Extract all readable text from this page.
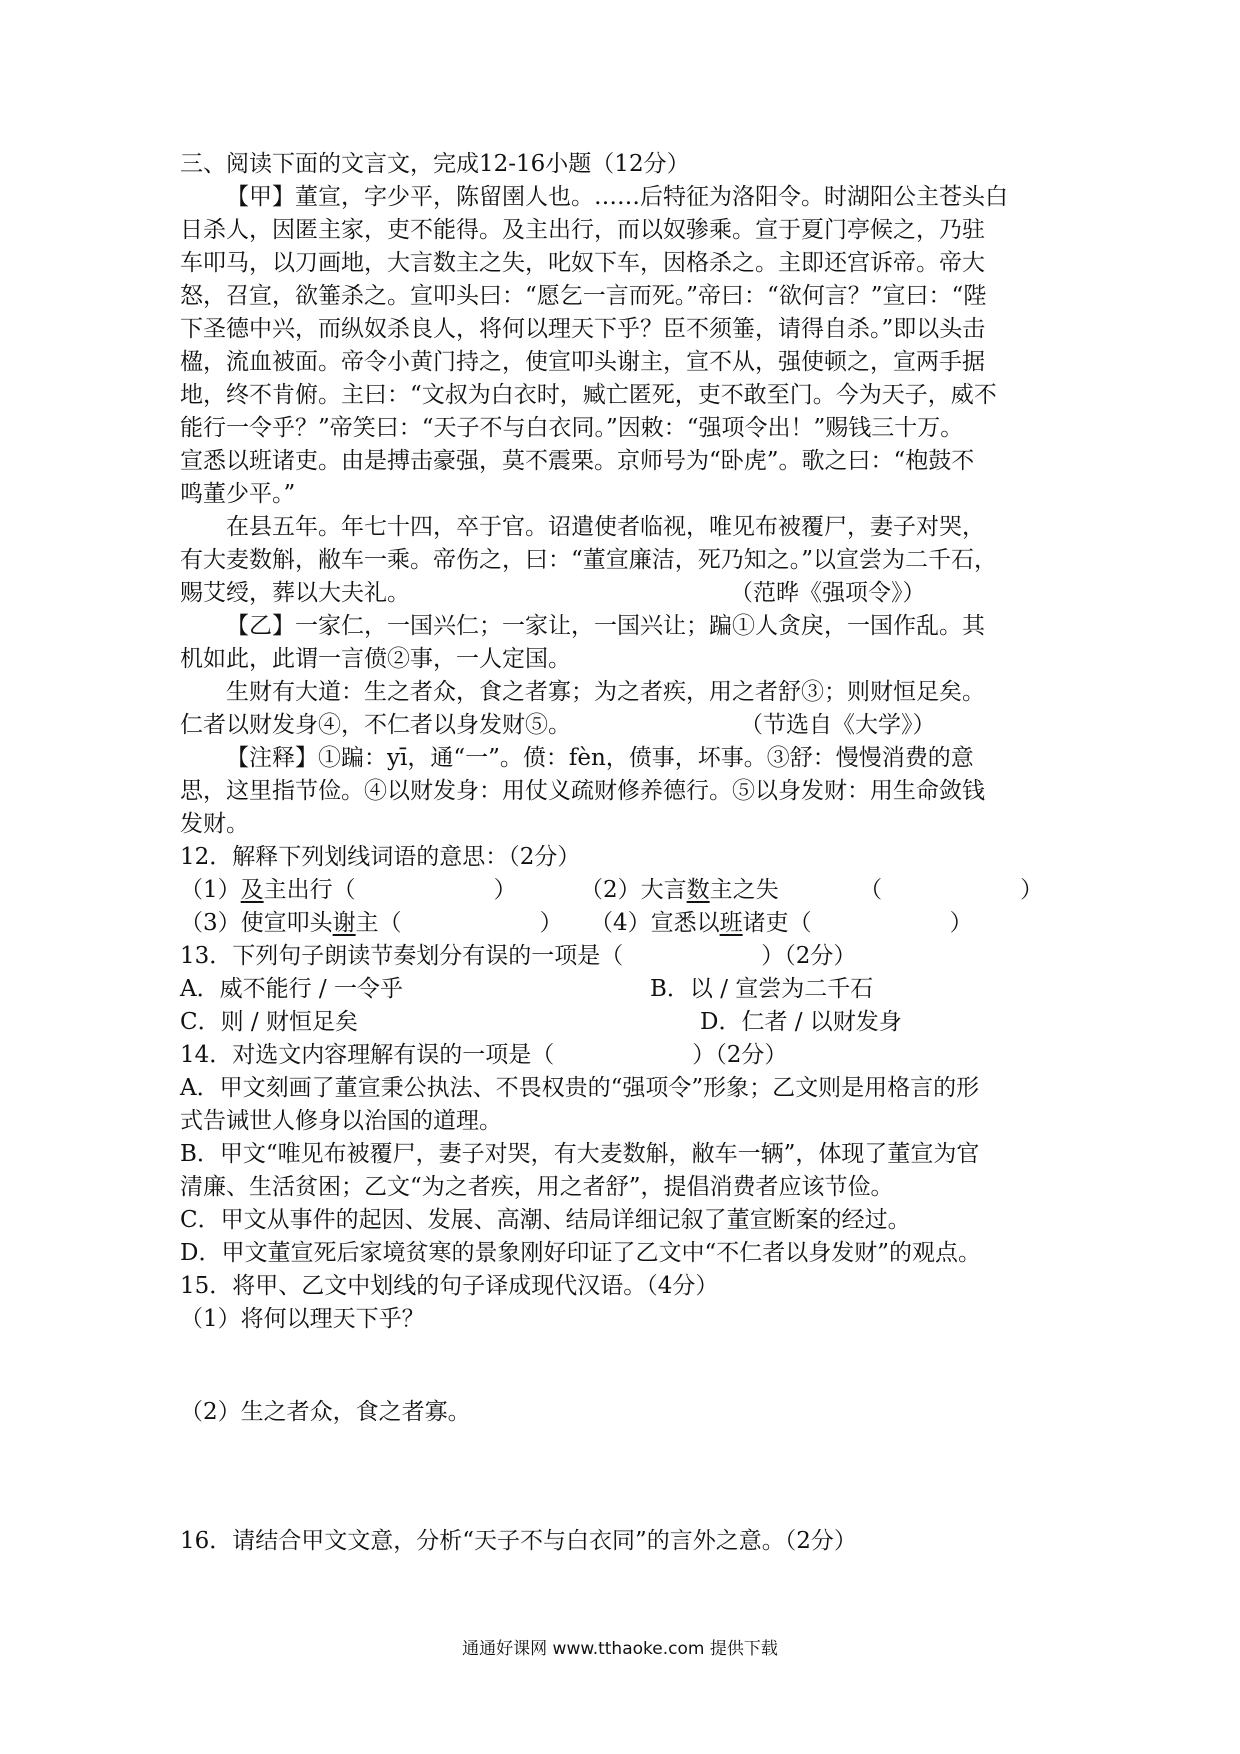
三、阅读下面的文言文，完成12-16小题（12分）
【甲】董宣，字少平，陈留圉人也。……后特征为洛阳令。时湖阳公主苍头白
日杀人，因匿主家，吏不能得。及主出行，而以奴骖乘。宣于夏门亭候之，乃驻
车叩马，以刀画地，大言数主之失，叱奴下车，因格杀之。主即还宫诉帝。帝大
怒，召宣，欲箠杀之。宣叩头曰：“愿乞一言而死。”帝曰：“欲何言？”宣曰：“陛
下圣德中兴，而纵奴杀良人，将何以理天下乎？臣不须箠，请得自杀。”即以头击
楹，流血被面。帝令小黄门持之，使宣叩头谢主，宣不从，强使顿之，宣两手据
地，终不肯俯。主曰：“文叔为白衣时，臧亡匿死，吏不敢至门。今为天子，威不
能行一令乎？”帝笑曰：“天子不与白衣同。”因敕：“强项令出！”赐钱三十万。
宣悉以班诸吏。由是搏击豪强，莫不震栗。京师号为“卧虎”。歌之曰：“枹鼓不
鸣董少平。”
在县五年。年七十四，卒于官。诏遣使者临视，唯见布被覆尸，妻子对哭，
有大麦数斛，敝车一乘。帝伤之，曰：“董宣廉洁，死乃知之。”以宣尝为二千石，
赐艾绶，葬以大夫礼。	（范晔《强项令》）
【乙】一家仁，一国兴仁；一家让，一国兴让；蹁①人贪戾，一国作乱。其
机如此，此谓一言偾②事，一人定国。
生财有大道：生之者众，食之者寡；为之者疾，用之者舒③；则财恒足矣。
仁者以财发身④，不仁者以身发财⑤。	（节选自《大学》）
【注释】①蹁：yī，通“一”。偾：fèn，偾事，坏事。③舒：慢慢消费的意
思，这里指节俭。④以财发身：用仗义疏财修养德行。⑤以身发财：用生命敛钱
发财。
12．解释下列划线词语的意思：（2分）
（1）及主出行（　　　　　　）	（2）大言数主之失　　　　（　　　　　　）
（3）使宣叩头谢主（　　　　　　）	（4）宣悉以班诸吏（　　　　　　）
13．下列句子朗读节奏划分有误的一项是（　　　　　　）（2分）
A．威不能行 / 一令乎	B．以 / 宣尝为二千石
C．则 / 财恒足矣	D．仁者 / 以财发身
14．对选文内容理解有误的一项是（　　　　　　）（2分）
A．甲文刻画了董宣秉公执法、不畏权贵的“强项令”形象；乙文则是用格言的形
式告诫世人修身以治国的道理。
B．甲文“唯见布被覆尸，妻子对哭，有大麦数斛，敝车一辆”，体现了董宣为官
清廉、生活贫困；乙文“为之者疾，用之者舒”，提倡消费者应该节俭。
C．甲文从事件的起因、发展、高潮、结局详细记叙了董宣断案的经过。
D．甲文董宣死后家境贫寒的景象刚好印证了乙文中“不仁者以身发财”的观点。
15．将甲、乙文中划线的句子译成现代汉语。（4分）
（1）将何以理天下乎？
（2）生之者众，食之者寡。
16．请结合甲文文意，分析“天子不与白衣同”的言外之意。（2分）
通通好课网 www.tthaoke.com 提供下载
